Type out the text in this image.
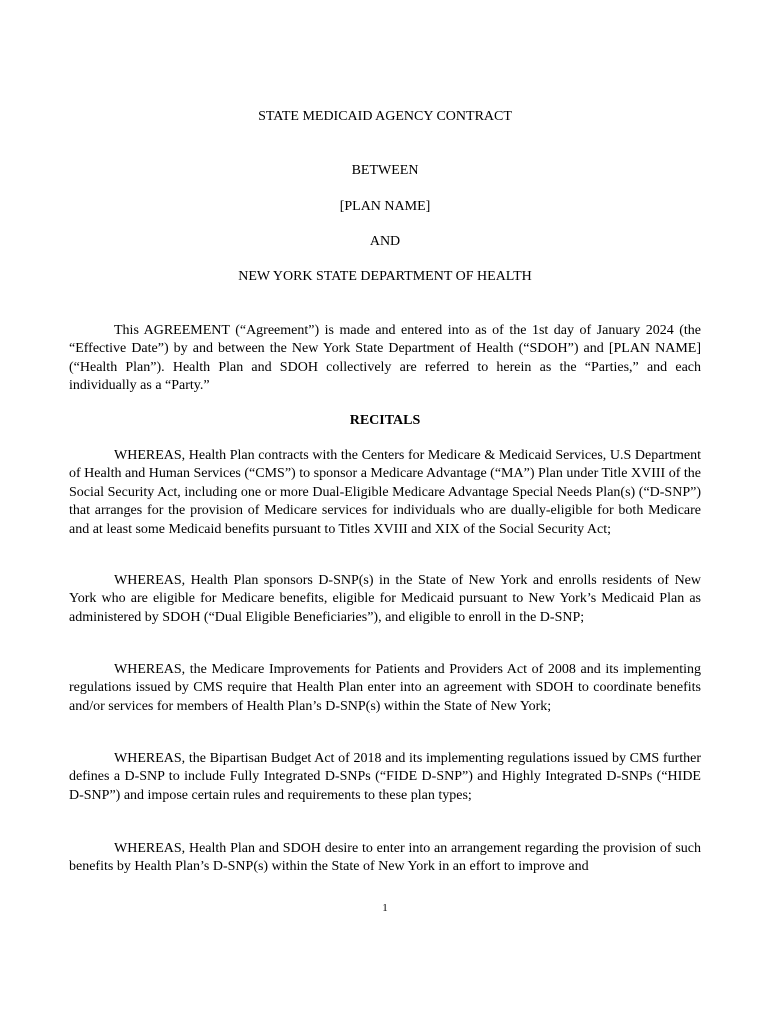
STATE MEDICAID AGENCY CONTRACT
BETWEEN
[PLAN NAME]
AND
NEW YORK STATE DEPARTMENT OF HEALTH
This AGREEMENT (“Agreement”) is made and entered into as of the 1st day of January 2024 (the “Effective Date”) by and between the New York State Department of Health (“SDOH”) and [PLAN NAME] (“Health Plan”). Health Plan and SDOH collectively are referred to herein as the “Parties,” and each individually as a “Party.”
RECITALS
WHEREAS, Health Plan contracts with the Centers for Medicare & Medicaid Services, U.S Department of Health and Human Services (“CMS”) to sponsor a Medicare Advantage (“MA”) Plan under Title XVIII of the Social Security Act, including one or more Dual-Eligible Medicare Advantage Special Needs Plan(s) (“D-SNP”) that arranges for the provision of Medicare services for individuals who are dually-eligible for both Medicare and at least some Medicaid benefits pursuant to Titles XVIII and XIX of the Social Security Act;
WHEREAS, Health Plan sponsors D-SNP(s) in the State of New York and enrolls residents of New York who are eligible for Medicare benefits, eligible for Medicaid pursuant to New York’s Medicaid Plan as administered by SDOH (“Dual Eligible Beneficiaries”), and eligible to enroll in the D-SNP;
WHEREAS, the Medicare Improvements for Patients and Providers Act of 2008 and its implementing regulations issued by CMS require that Health Plan enter into an agreement with SDOH to coordinate benefits and/or services for members of Health Plan’s D-SNP(s) within the State of New York;
WHEREAS, the Bipartisan Budget Act of 2018 and its implementing regulations issued by CMS further defines a D-SNP to include Fully Integrated D-SNPs (“FIDE D-SNP”) and Highly Integrated D-SNPs (“HIDE D-SNP”) and impose certain rules and requirements to these plan types;
WHEREAS, Health Plan and SDOH desire to enter into an arrangement regarding the provision of such benefits by Health Plan’s D-SNP(s) within the State of New York in an effort to improve and
1
